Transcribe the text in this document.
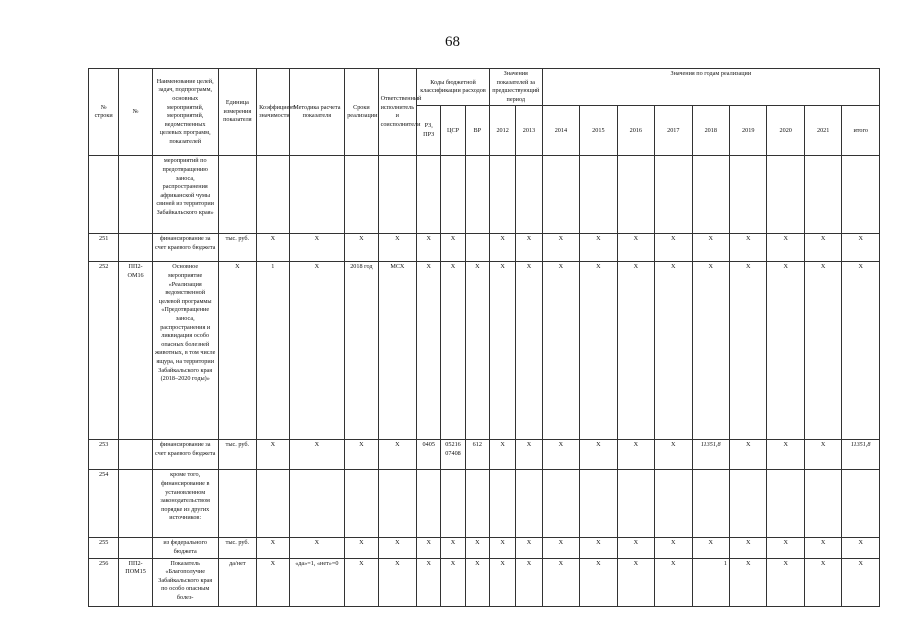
68
№ строки	№	Наименование целей, задач, подпрограмм, основных мероприятий, мероприятий, ведомственных целевых программ, показателей	Единица измерения показателя	Коэффициент значимости	Методика расчета показателя	Сроки реализации	Ответственный исполнитель и соисполнители	Коды бюджетной классификации расходов			Значения показателей за предшествующий период		Значения по годам реализации								
								РЗ, ПРЗ	ЦСР	ВР	2012	2013	2014	2015	2016	2017	2018	2019	2020	2021	итого
		мероприятий по предотвращению заноса, распространения африканской чумы свиней из территории Забайкальского края»																			
251		финансирование за счет краевого бюджета	тыс. руб.	Х	Х	Х	Х	Х	Х		Х	Х	Х	Х	Х	Х	Х	Х	Х	Х	Х
252	ПП2-ОМ16	Основное мероприятие «Реализация ведомственной целевой программы «Предотвращение заноса, распространения и ликвидация особо опасных болезней животных, в том числе ящура, на территории Забайкальского края (2018–2020 годы)»	Х	1	Х	2018 год	МСХ	Х	Х	Х	Х	Х	Х	Х	Х	Х	Х	Х	Х	Х	Х
253		финансирование за счет краевого бюджета	тыс. руб.	Х	Х	Х	Х	0405	05216 07408	612	Х	Х	Х	Х	Х	Х	11351,8	Х	Х	Х	11351,8
254		кроме того, финансирование в установленном законодательством порядке из других источников:																			
255		из федерального бюджета	тыс. руб.	Х	Х	Х	Х	Х	Х	Х	Х	Х	Х	Х	Х	Х	Х	Х	Х	Х	Х
256	ПП2-ПОМ15	Показатель «Благополучие Забайкальского края по особо опасным болез-	да/нет	Х	«да»=1, «нет»=0	Х	Х	Х	Х	Х	Х	Х	Х	Х	Х	Х	1	Х	Х	Х	Х
